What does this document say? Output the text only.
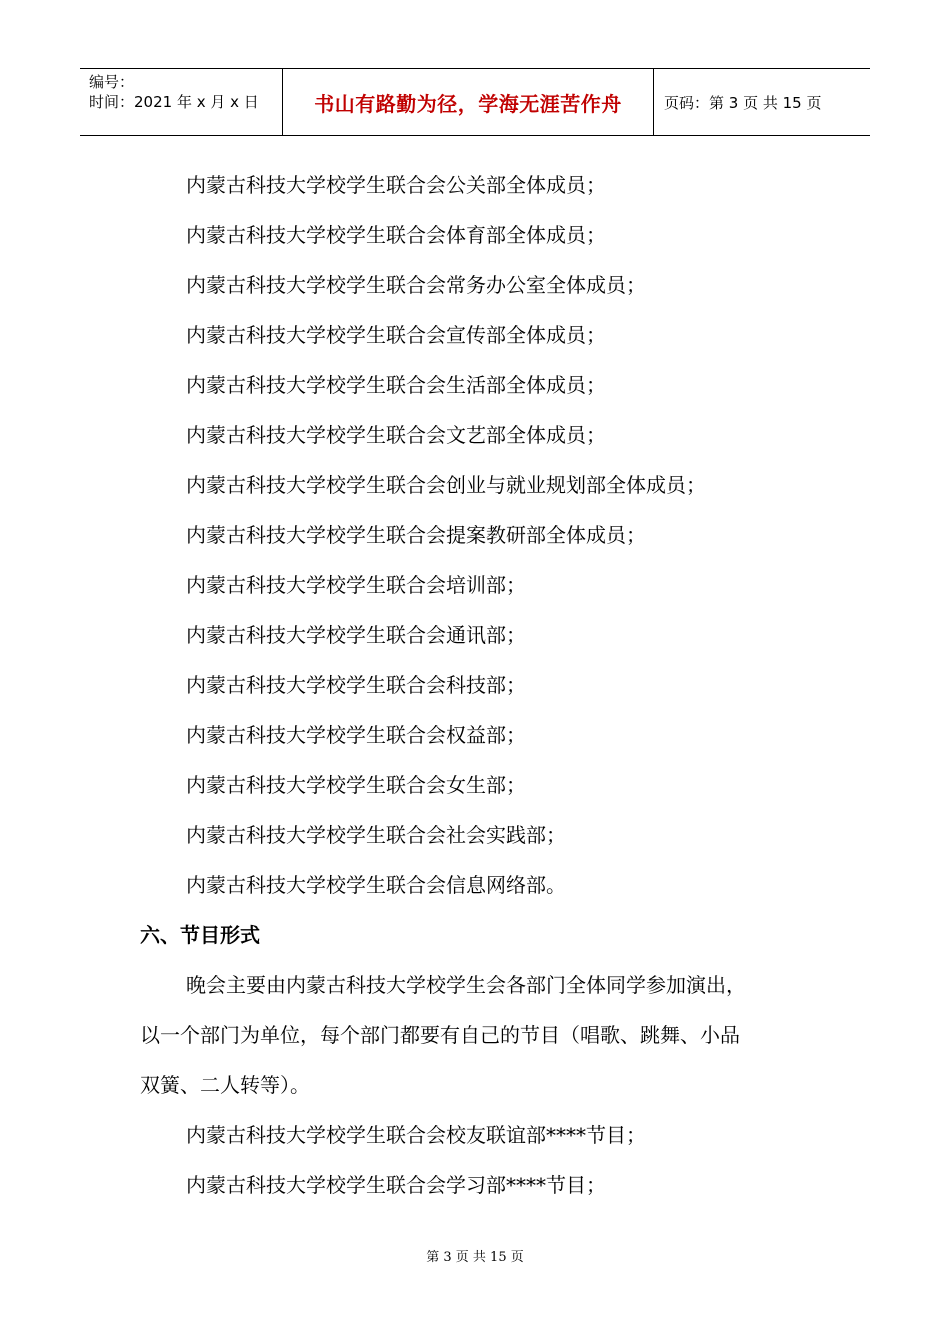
编号：
时间：2021 年 x 月 x 日	书山有路勤为径，学海无涯苦作舟	页码：第 3 页 共 15 页
内蒙古科技大学校学生联合会公关部全体成员；
内蒙古科技大学校学生联合会体育部全体成员；
内蒙古科技大学校学生联合会常务办公室全体成员；
内蒙古科技大学校学生联合会宣传部全体成员；
内蒙古科技大学校学生联合会生活部全体成员；
内蒙古科技大学校学生联合会文艺部全体成员；
内蒙古科技大学校学生联合会创业与就业规划部全体成员；
内蒙古科技大学校学生联合会提案教研部全体成员；
内蒙古科技大学校学生联合会培训部；
内蒙古科技大学校学生联合会通讯部；
内蒙古科技大学校学生联合会科技部；
内蒙古科技大学校学生联合会权益部；
内蒙古科技大学校学生联合会女生部；
内蒙古科技大学校学生联合会社会实践部；
内蒙古科技大学校学生联合会信息网络部。
六、节目形式
晚会主要由内蒙古科技大学校学生会各部门全体同学参加演出，
以一个部门为单位，每个部门都要有自己的节目（唱歌、跳舞、小品
双簧、二人转等）。
内蒙古科技大学校学生联合会校友联谊部****节目；
内蒙古科技大学校学生联合会学习部****节目；
第 3 页 共 15 页
